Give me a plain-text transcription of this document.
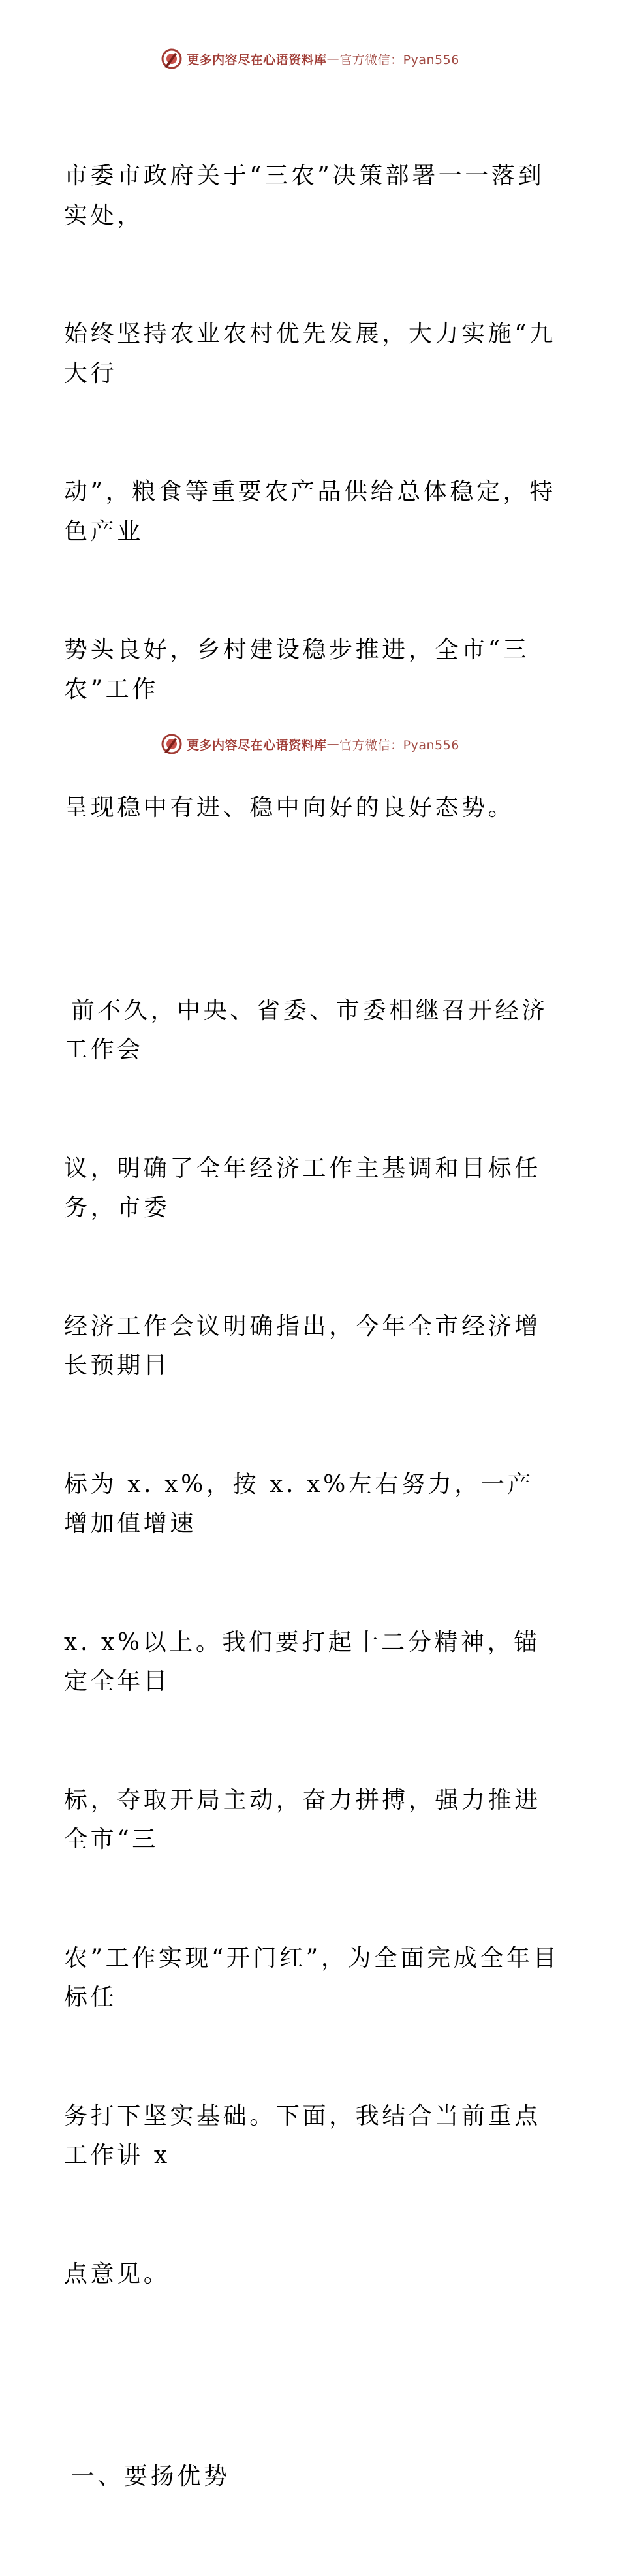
更多内容尽在心语资料库 — 官方微信：Pyan556

市委市政府关于“三农”决策部署一一落到实处，

始终坚持农业农村优先发展，大力实施“九大行

动”，粮食等重要农产品供给总体稳定，特色产业

势头良好，乡村建设稳步推进，全市“三农”工作

呈现稳中有进、稳中向好的良好态势。

前不久，中央、省委、市委相继召开经济工作会

议，明确了全年经济工作主基调和目标任务，市委

经济工作会议明确指出，今年全市经济增长预期目

标为 x. x%，按 x. x%左右努力，一产增加值增速

x. x%以上。我们要打起十二分精神，锚定全年目

标，夺取开局主动，奋力拼搏，强力推进全市“三

农”工作实现“开门红”，为全面完成全年目标任

务打下坚实基础。下面，我结合当前重点工作讲 x

点意见。

一、要扬优势

更多内容尽在心语资料库 — 官方微信：Pyan556
